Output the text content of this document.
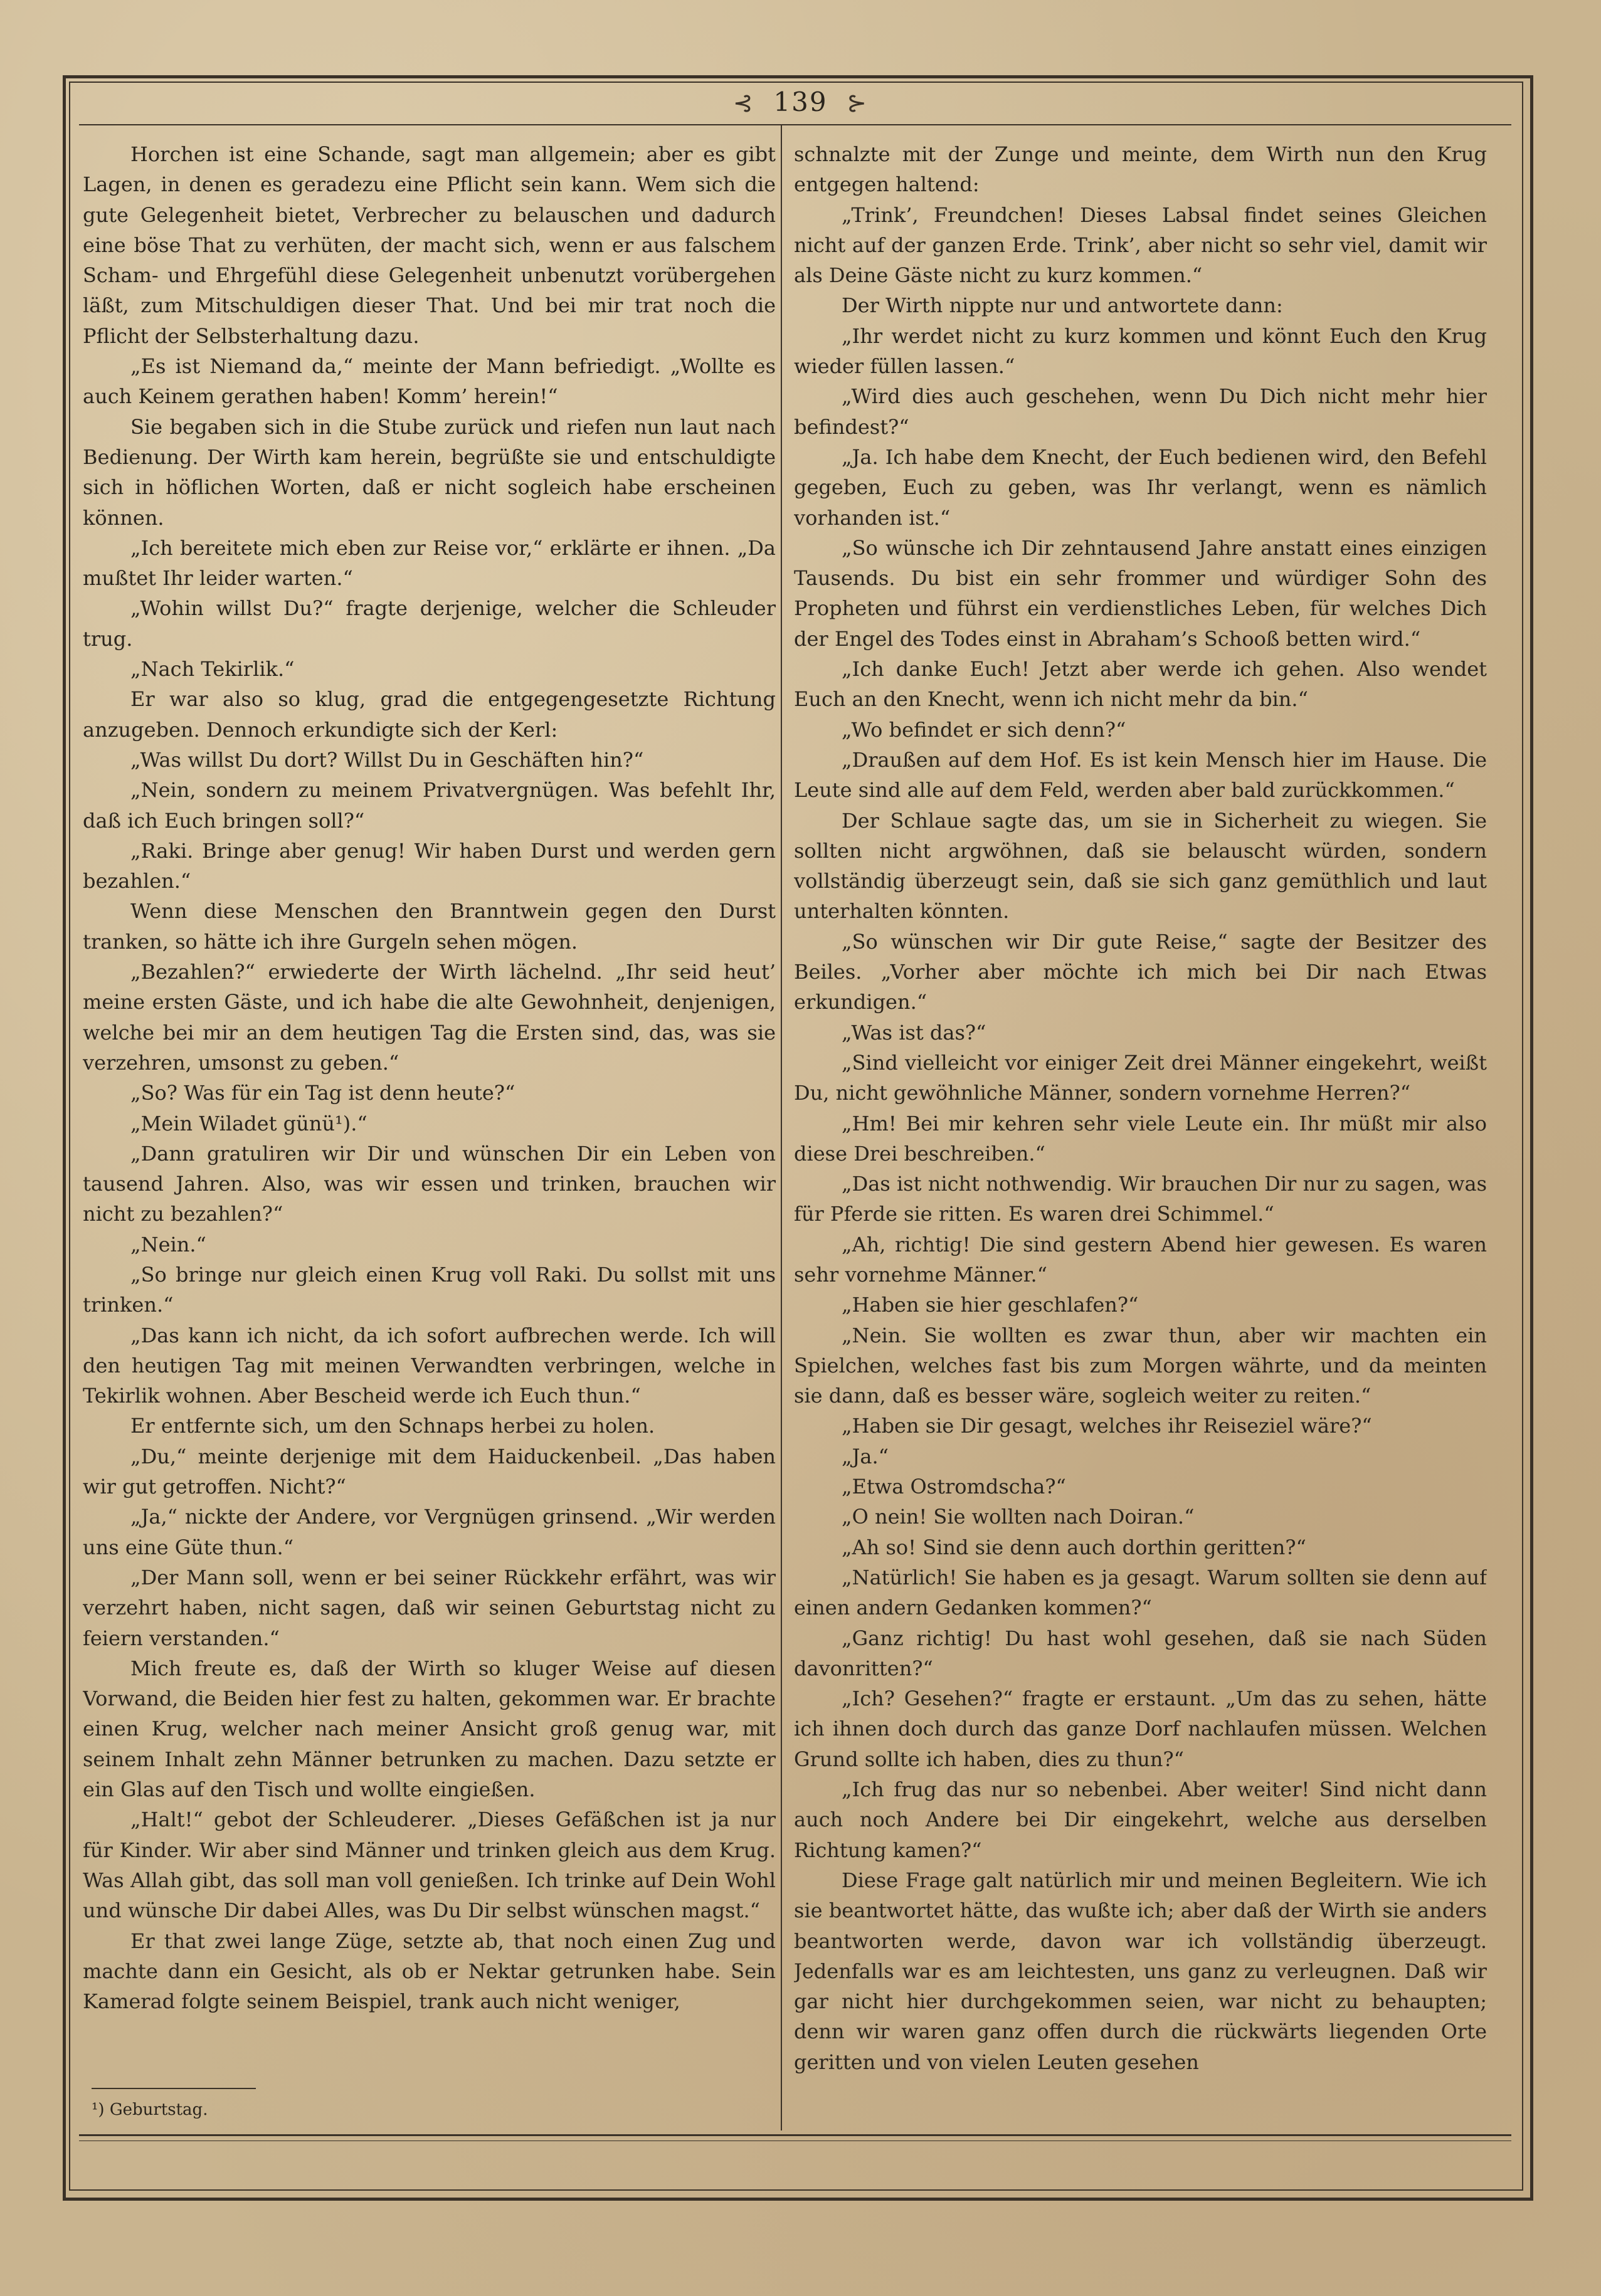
⊰ 139 ⊱

Horchen ist eine Schande, sagt man allgemein; aber es gibt Lagen, in denen es geradezu eine Pflicht sein kann. Wem sich die gute Gelegenheit bietet, Verbrecher zu belauschen und dadurch eine böse That zu verhüten, der macht sich, wenn er aus falschem Scham- und Ehrgefühl diese Gelegenheit unbenutzt vorübergehen läßt, zum Mitschuldigen dieser That. Und bei mir trat noch die Pflicht der Selbsterhaltung dazu.

„Es ist Niemand da,“ meinte der Mann befriedigt. „Wollte es auch Keinem gerathen haben! Komm’ herein!“

Sie begaben sich in die Stube zurück und riefen nun laut nach Bedienung. Der Wirth kam herein, begrüßte sie und entschuldigte sich in höflichen Worten, daß er nicht sogleich habe erscheinen können.

„Ich bereitete mich eben zur Reise vor,“ erklärte er ihnen. „Da mußtet Ihr leider warten.“

„Wohin willst Du?“ fragte derjenige, welcher die Schleuder trug.

„Nach Tekirlik.“

Er war also so klug, grad die entgegengesetzte Richtung anzugeben. Dennoch erkundigte sich der Kerl:

„Was willst Du dort? Willst Du in Geschäften hin?“

„Nein, sondern zu meinem Privatvergnügen. Was befehlt Ihr, daß ich Euch bringen soll?“

„Raki. Bringe aber genug! Wir haben Durst und werden gern bezahlen.“

Wenn diese Menschen den Branntwein gegen den Durst tranken, so hätte ich ihre Gurgeln sehen mögen.

„Bezahlen?“ erwiederte der Wirth lächelnd. „Ihr seid heut’ meine ersten Gäste, und ich habe die alte Gewohnheit, denjenigen, welche bei mir an dem heutigen Tag die Ersten sind, das, was sie verzehren, umsonst zu geben.“

„So? Was für ein Tag ist denn heute?“

„Mein Wiladet günü¹).“

„Dann gratuliren wir Dir und wünschen Dir ein Leben von tausend Jahren. Also, was wir essen und trinken, brauchen wir nicht zu bezahlen?“

„Nein.“

„So bringe nur gleich einen Krug voll Raki. Du sollst mit uns trinken.“

„Das kann ich nicht, da ich sofort aufbrechen werde. Ich will den heutigen Tag mit meinen Verwandten verbringen, welche in Tekirlik wohnen. Aber Bescheid werde ich Euch thun.“

Er entfernte sich, um den Schnaps herbei zu holen.

„Du,“ meinte derjenige mit dem Haiduckenbeil. „Das haben wir gut getroffen. Nicht?“

„Ja,“ nickte der Andere, vor Vergnügen grinsend. „Wir werden uns eine Güte thun.“

„Der Mann soll, wenn er bei seiner Rückkehr erfährt, was wir verzehrt haben, nicht sagen, daß wir seinen Geburtstag nicht zu feiern verstanden.“

Mich freute es, daß der Wirth so kluger Weise auf diesen Vorwand, die Beiden hier fest zu halten, gekommen war. Er brachte einen Krug, welcher nach meiner Ansicht groß genug war, mit seinem Inhalt zehn Männer betrunken zu machen. Dazu setzte er ein Glas auf den Tisch und wollte eingießen.

„Halt!“ gebot der Schleuderer. „Dieses Gefäßchen ist ja nur für Kinder. Wir aber sind Männer und trinken gleich aus dem Krug. Was Allah gibt, das soll man voll genießen. Ich trinke auf Dein Wohl und wünsche Dir dabei Alles, was Du Dir selbst wünschen magst.“

Er that zwei lange Züge, setzte ab, that noch einen Zug und machte dann ein Gesicht, als ob er Nektar getrunken habe. Sein Kamerad folgte seinem Beispiel, trank auch nicht weniger,

schnalzte mit der Zunge und meinte, dem Wirth nun den Krug entgegen haltend:

„Trink’, Freundchen! Dieses Labsal findet seines Gleichen nicht auf der ganzen Erde. Trink’, aber nicht so sehr viel, damit wir als Deine Gäste nicht zu kurz kommen.“

Der Wirth nippte nur und antwortete dann:

„Ihr werdet nicht zu kurz kommen und könnt Euch den Krug wieder füllen lassen.“

„Wird dies auch geschehen, wenn Du Dich nicht mehr hier befindest?“

„Ja. Ich habe dem Knecht, der Euch bedienen wird, den Befehl gegeben, Euch zu geben, was Ihr verlangt, wenn es nämlich vorhanden ist.“

„So wünsche ich Dir zehntausend Jahre anstatt eines einzigen Tausends. Du bist ein sehr frommer und würdiger Sohn des Propheten und führst ein verdienstliches Leben, für welches Dich der Engel des Todes einst in Abraham’s Schooß betten wird.“

„Ich danke Euch! Jetzt aber werde ich gehen. Also wendet Euch an den Knecht, wenn ich nicht mehr da bin.“

„Wo befindet er sich denn?“

„Draußen auf dem Hof. Es ist kein Mensch hier im Hause. Die Leute sind alle auf dem Feld, werden aber bald zurückkommen.“

Der Schlaue sagte das, um sie in Sicherheit zu wiegen. Sie sollten nicht argwöhnen, daß sie belauscht würden, sondern vollständig überzeugt sein, daß sie sich ganz gemüthlich und laut unterhalten könnten.

„So wünschen wir Dir gute Reise,“ sagte der Besitzer des Beiles. „Vorher aber möchte ich mich bei Dir nach Etwas erkundigen.“

„Was ist das?“

„Sind vielleicht vor einiger Zeit drei Männer eingekehrt, weißt Du, nicht gewöhnliche Männer, sondern vornehme Herren?“

„Hm! Bei mir kehren sehr viele Leute ein. Ihr müßt mir also diese Drei beschreiben.“

„Das ist nicht nothwendig. Wir brauchen Dir nur zu sagen, was für Pferde sie ritten. Es waren drei Schimmel.“

„Ah, richtig! Die sind gestern Abend hier gewesen. Es waren sehr vornehme Männer.“

„Haben sie hier geschlafen?“

„Nein. Sie wollten es zwar thun, aber wir machten ein Spielchen, welches fast bis zum Morgen währte, und da meinten sie dann, daß es besser wäre, sogleich weiter zu reiten.“

„Haben sie Dir gesagt, welches ihr Reiseziel wäre?“

„Ja.“

„Etwa Ostromdscha?“

„O nein! Sie wollten nach Doiran.“

„Ah so! Sind sie denn auch dorthin geritten?“

„Natürlich! Sie haben es ja gesagt. Warum sollten sie denn auf einen andern Gedanken kommen?“

„Ganz richtig! Du hast wohl gesehen, daß sie nach Süden davonritten?“

„Ich? Gesehen?“ fragte er erstaunt. „Um das zu sehen, hätte ich ihnen doch durch das ganze Dorf nachlaufen müssen. Welchen Grund sollte ich haben, dies zu thun?“

„Ich frug das nur so nebenbei. Aber weiter! Sind nicht dann auch noch Andere bei Dir eingekehrt, welche aus derselben Richtung kamen?“

Diese Frage galt natürlich mir und meinen Begleitern. Wie ich sie beantwortet hätte, das wußte ich; aber daß der Wirth sie anders beantworten werde, davon war ich vollständig überzeugt. Jedenfalls war es am leichtesten, uns ganz zu verleugnen. Daß wir gar nicht hier durchgekommen seien, war nicht zu behaupten; denn wir waren ganz offen durch die rückwärts liegenden Orte geritten und von vielen Leuten gesehen

¹) Geburtstag.
